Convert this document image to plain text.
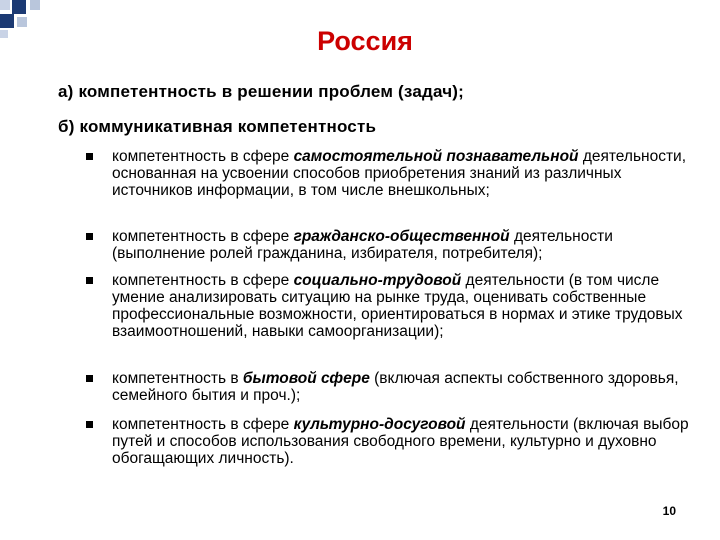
Россия
а) компетентность в решении проблем (задач);
б) коммуникативная компетентность
компетентность в сфере самостоятельной познавательной деятельности, основанная на усвоении способов приобретения знаний из различных источников информации, в том числе внешкольных;
компетентность в сфере гражданско-общественной деятельности (выполнение ролей гражданина, избирателя, потребителя);
компетентность в сфере социально-трудовой деятельности (в том числе умение анализировать ситуацию на рынке труда, оценивать собственные профессиональные возможности, ориентироваться в нормах и этике трудовых взаимоотношений, навыки самоорганизации);
компетентность в бытовой сфере (включая аспекты собственного здоровья, семейного бытия и проч.);
компетентность в сфере культурно-досуговой деятельности (включая выбор путей и способов использования свободного времени, культурно и духовно обогащающих личность).
10
